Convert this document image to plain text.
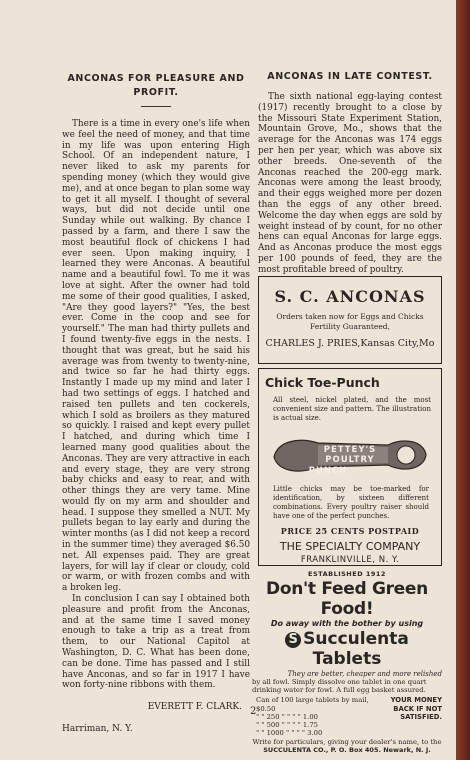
ANCONAS FOR PLEASURE AND PROFIT.

There is a time in every one's life when we feel the need of money, and that time in my life was upon entering High School. Of an independent nature, I never liked to ask my parents for spending money (which they would give me), and at once began to plan some way to get it all myself. I thought of several ways, but did not decide until one Sunday while out walking. By chance I passed by a farm, and there I saw the most beautiful flock of chickens I had ever seen. Upon making inquiry, I learned they were Anconas. A beautiful name and a beautiful fowl. To me it was love at sight. After the owner had told me some of their good qualities, I asked, "Are they good layers?" "Yes, the best ever. Come in the coop and see for yourself." The man had thirty pullets and I found twenty-five eggs in the nests. I thought that was great, but he said his average was from twenty to twenty-nine, and twice so far he had thirty eggs. Instantly I made up my mind and later I had two settings of eggs. I hatched and raised ten pullets and ten cockerels, which I sold as broilers as they matured so quickly. I raised and kept every pullet I hatched, and during which time I learned many good qualities about the Anconas. They are very attractive in each and every stage, they are very strong baby chicks and easy to rear, and with other things they are very tame. Mine would fly on my arm and shoulder and head. I suppose they smelled a NUT. My pullets began to lay early and during the winter months (as I did not keep a record in the summer time) they averaged $6.50 net. All expenses paid. They are great layers, for will lay if clear or cloudy, cold or warm, or with frozen combs and with a broken leg.

In conclusion I can say I obtained both pleasure and profit from the Anconas, and at the same time I saved money enough to take a trip as a treat from them, to our National Capitol at Washington, D. C. What has been done, can be done. Time has passed and I still have Anconas, and so far in 1917 I have won forty-nine ribbons with them.

EVERETT F. CLARK.
Harriman, N. Y.
ANCONAS IN LATE CONTEST.

The sixth national egg-laying contest (1917) recently brought to a close by the Missouri State Experiment Station, Mountain Grove, Mo., shows that the average for the Anconas was 174 eggs per hen per year, which was above six other breeds. One-seventh of the Anconas reached the 200-egg mark. Anconas were among the least broody, and their eggs weighed more per dozen than the eggs of any other breed. Welcome the day when eggs are sold by weight instead of by count, for no other hens can equal Anconas for large eggs. And as Anconas produce the most eggs per 100 pounds of feed, they are the most profitable breed of poultry.

S. C. ANCONAS
Orders taken now for Eggs and Chicks
Fertility Guaranteed,
CHARLES J. PRIES,Kansas City,Mo
Chick Toe-Punch
All steel, nickel plated, and the most convenient size and pattern. The illustration is actual size.
PETTEY'S
POULTRY
PUNCH
Little chicks may be toe-marked for identification, by sixteen different combinations. Every poultry raiser should have one of the perfect punches.
PRICE 25 CENTS POSTPAID
THE SPECIALTY COMPANY
FRANKLINVILLE, N. Y.
ESTABLISHED 1912
Don't Feed Green Food!
Do away with the bother by using
S Succulenta Tablets
They are better, cheaper and more relished
by all fowl. Simply dissolve one tablet in one quart drinking water for fowl. A full egg basket assured.
Can of 100 large tablets by mail, $0.50
" " 250 " " " " 1.00
" " 500 " " " " 1.75
" " 1000 " " " " 3.00
YOUR MONEY
BACK IF NOT
SATISFIED.
Write for particulars, giving your dealer's name, to the
SUCCULENTA CO., P. O. Box 405. Newark, N. J.
2
